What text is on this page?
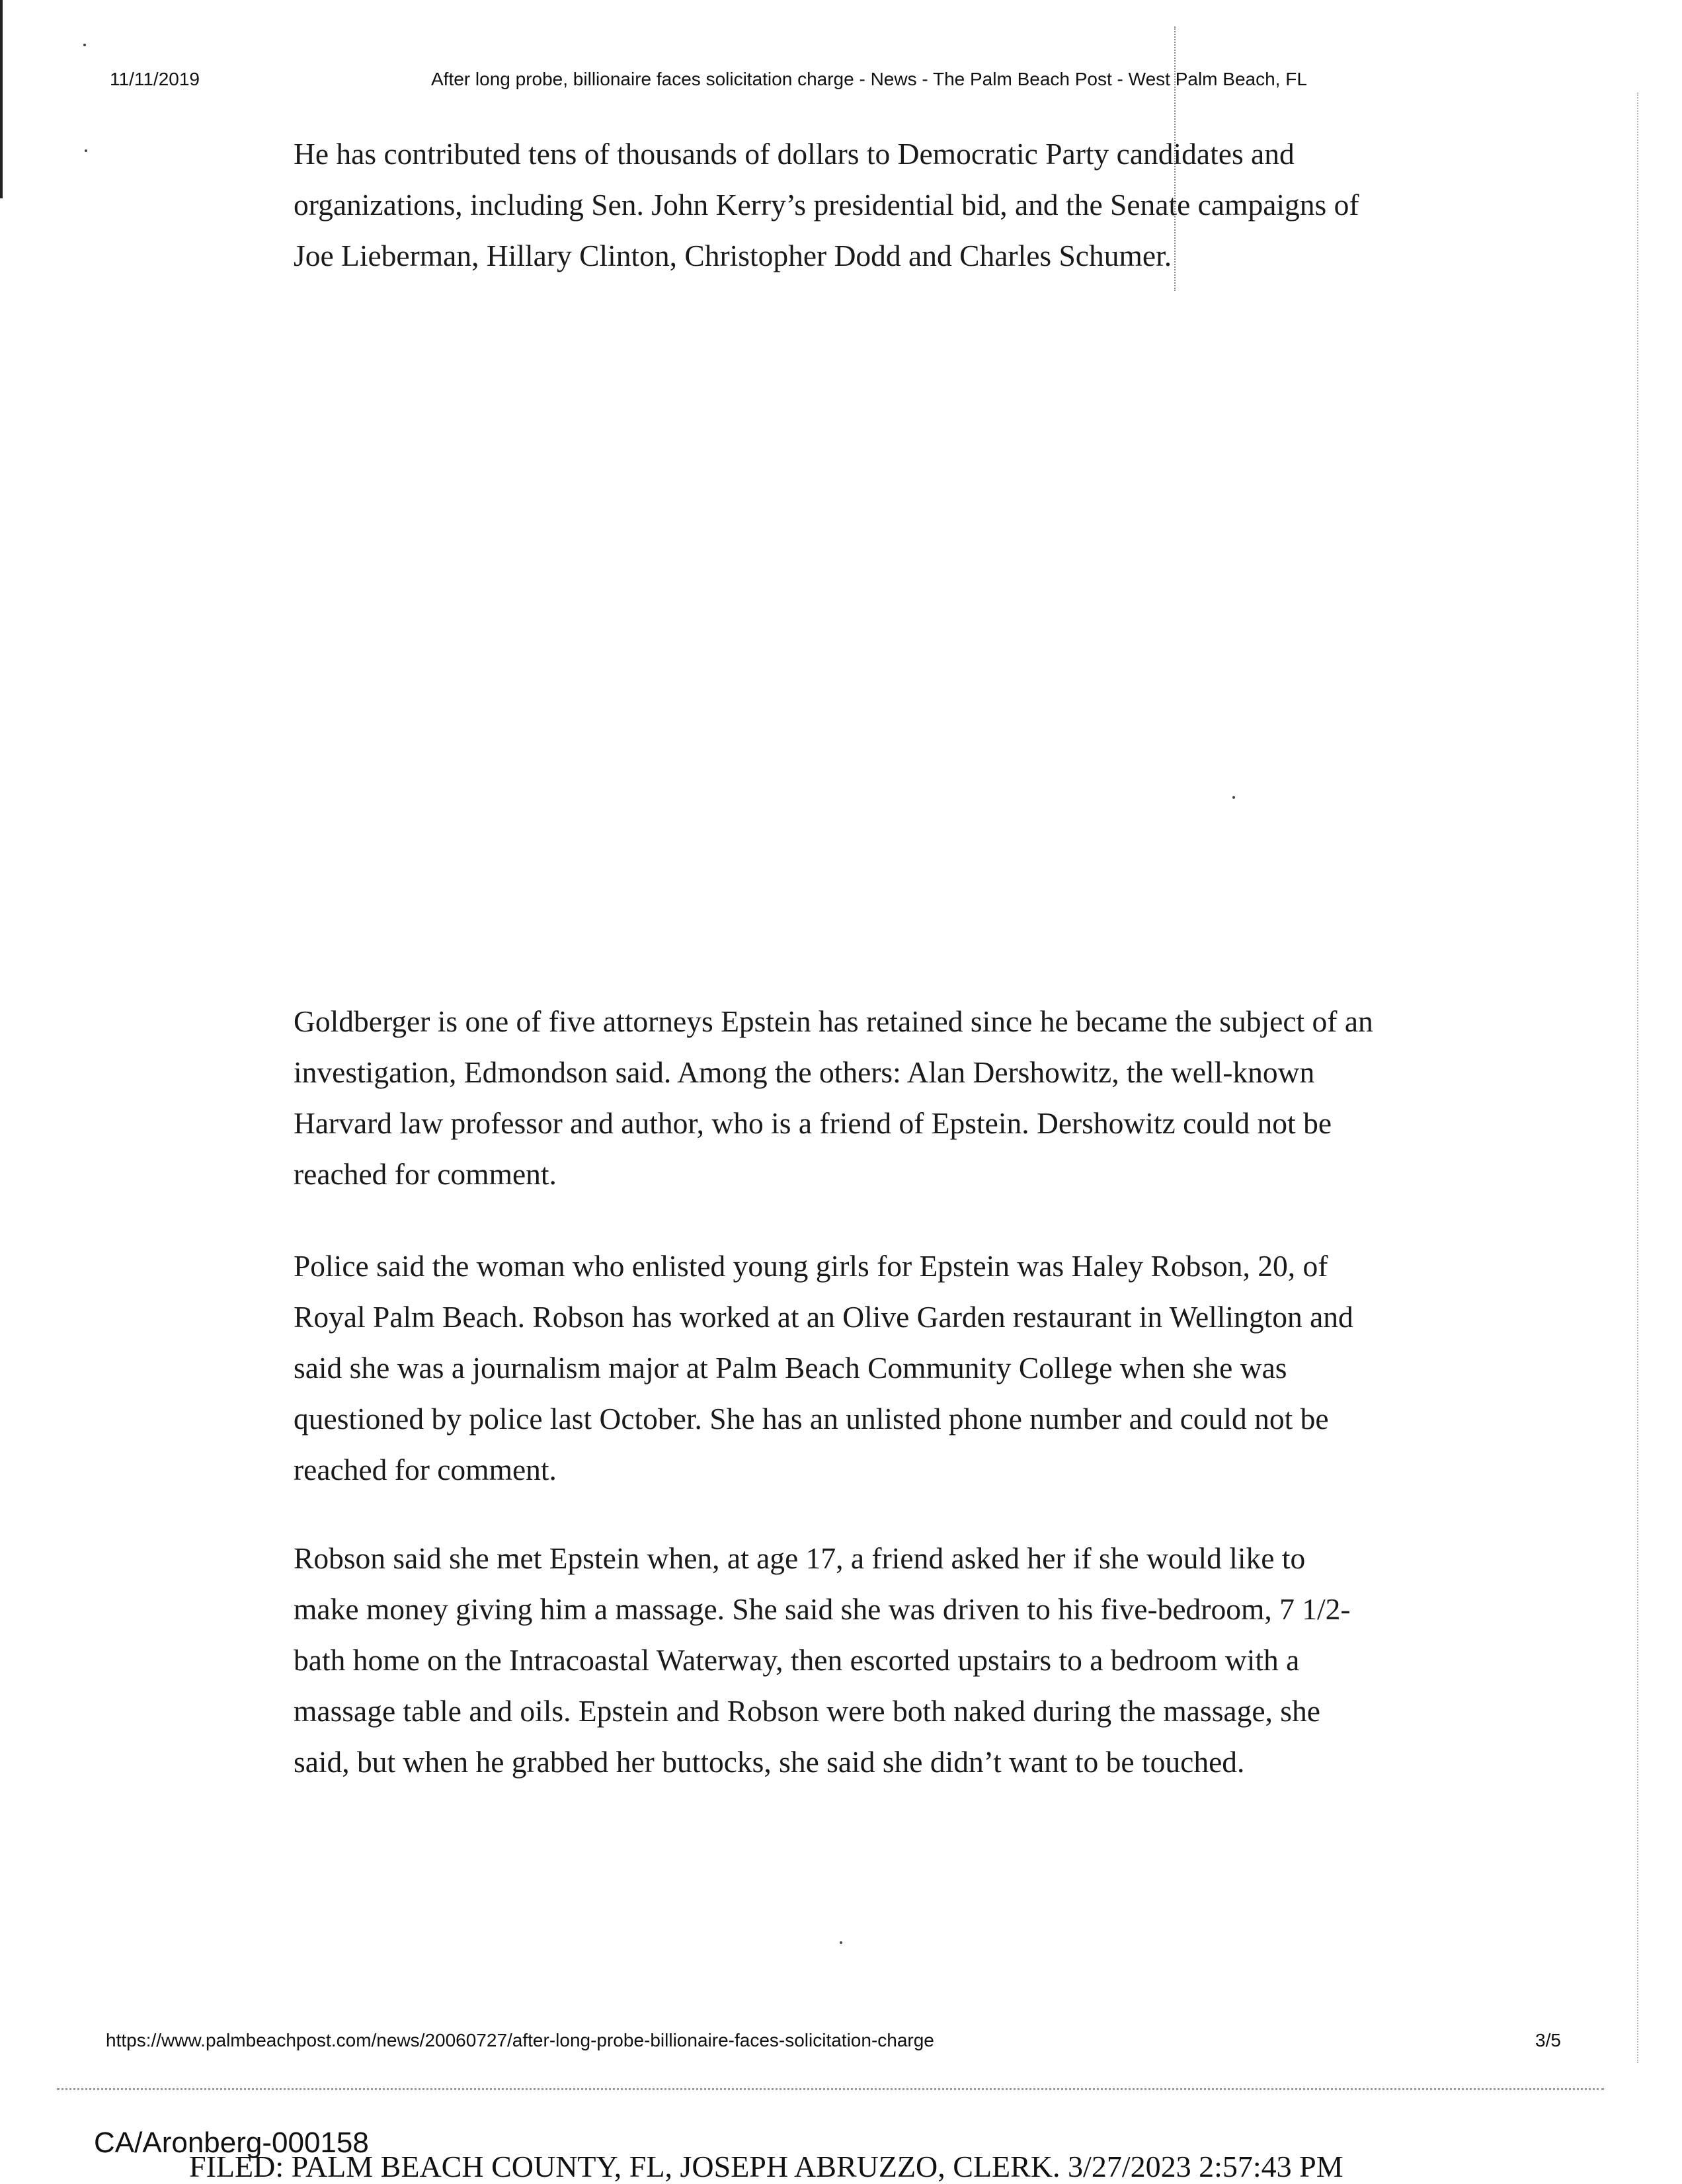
11/11/2019	After long probe, billionaire faces solicitation charge - News - The Palm Beach Post - West Palm Beach, FL

He has contributed tens of thousands of dollars to Democratic Party candidates and organizations, including Sen. John Kerry’s presidential bid, and the Senate campaigns of Joe Lieberman, Hillary Clinton, Christopher Dodd and Charles Schumer.

Goldberger is one of five attorneys Epstein has retained since he became the subject of an investigation, Edmondson said. Among the others: Alan Dershowitz, the well-known Harvard law professor and author, who is a friend of Epstein. Dershowitz could not be reached for comment.

Police said the woman who enlisted young girls for Epstein was Haley Robson, 20, of Royal Palm Beach. Robson has worked at an Olive Garden restaurant in Wellington and said she was a journalism major at Palm Beach Community College when she was questioned by police last October. She has an unlisted phone number and could not be reached for comment.

Robson said she met Epstein when, at age 17, a friend asked her if she would like to make money giving him a massage. She said she was driven to his five-bedroom, 7 1/2-bath home on the Intracoastal Waterway, then escorted upstairs to a bedroom with a massage table and oils. Epstein and Robson were both naked during the massage, she said, but when he grabbed her buttocks, she said she didn’t want to be touched.

https://www.palmbeachpost.com/news/20060727/after-long-probe-billionaire-faces-solicitation-charge	3/5
CA/Aronberg-000158
FILED: PALM BEACH COUNTY, FL, JOSEPH ABRUZZO, CLERK. 3/27/2023 2:57:43 PM
